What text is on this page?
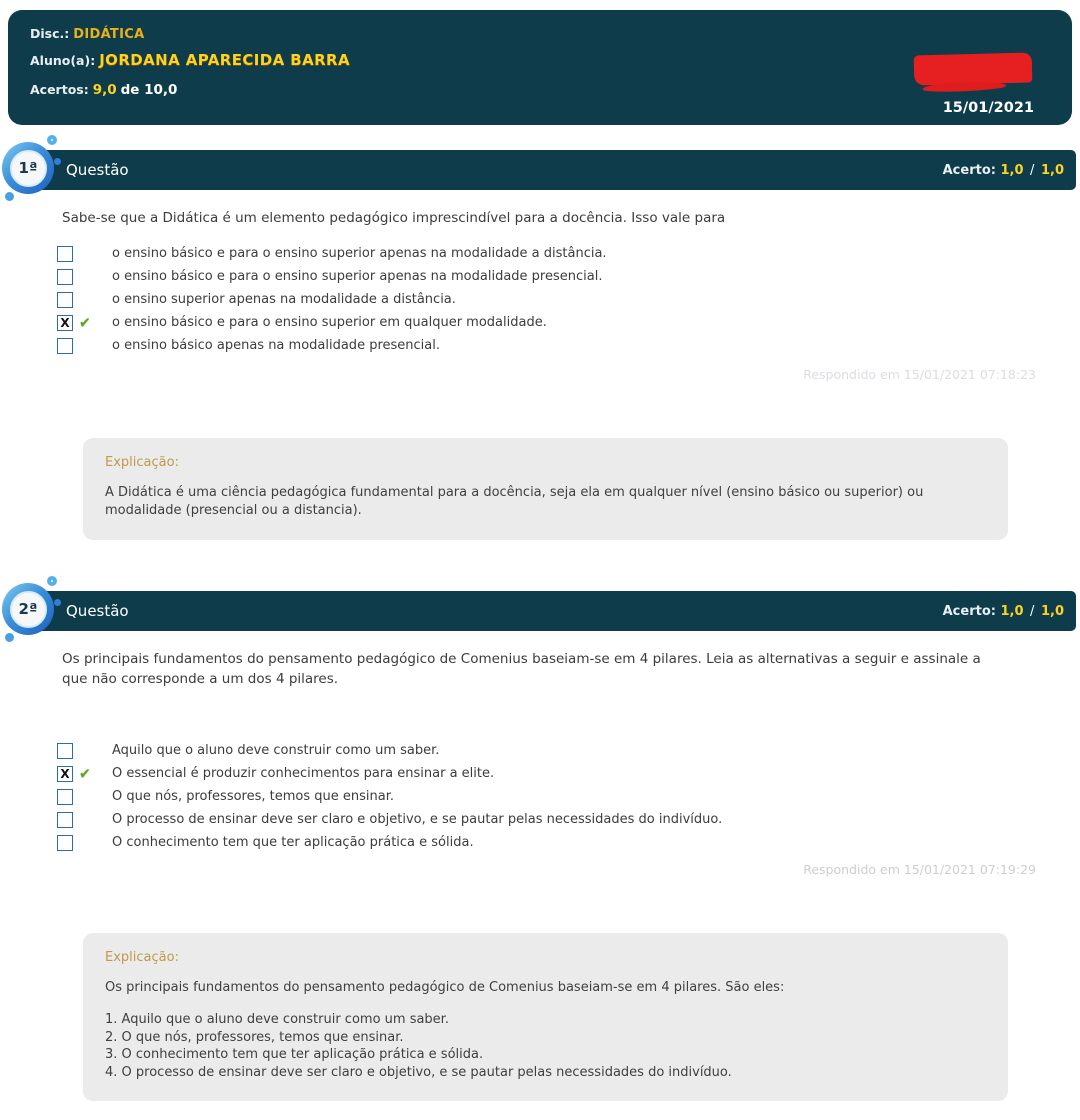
Disc.: DIDÁTICA
Aluno(a): JORDANA APARECIDA BARRA
Acertos: 9,0 de 10,0
15/01/2021
1ª	Questão	Acerto: 1,0 / 1,0

Sabe-se que a Didática é um elemento pedagógico imprescindível para a docência. Isso vale para

o ensino básico e para o ensino superior apenas na modalidade a distância.
o ensino básico e para o ensino superior apenas na modalidade presencial.
o ensino superior apenas na modalidade a distância.
X ✔	o ensino básico e para o ensino superior em qualquer modalidade.
o ensino básico apenas na modalidade presencial.
Respondido em 15/01/2021 07:18:23
Explicação:

A Didática é uma ciência pedagógica fundamental para a docência, seja ela em qualquer nível (ensino básico ou superior) ou modalidade (presencial ou a distancia).

2ª	Questão	Acerto: 1,0 / 1,0

Os principais fundamentos do pensamento pedagógico de Comenius baseiam-se em 4 pilares. Leia as alternativas a seguir e assinale a que não corresponde a um dos 4 pilares.

Aquilo que o aluno deve construir como um saber.
X ✔	O essencial é produzir conhecimentos para ensinar a elite.
O que nós, professores, temos que ensinar.
O processo de ensinar deve ser claro e objetivo, e se pautar pelas necessidades do indivíduo.
O conhecimento tem que ter aplicação prática e sólida.
Respondido em 15/01/2021 07:19:29
Explicação:

Os principais fundamentos do pensamento pedagógico de Comenius baseiam-se em 4 pilares. São eles:

1. Aquilo que o aluno deve construir como um saber.
2. O que nós, professores, temos que ensinar.
3. O conhecimento tem que ter aplicação prática e sólida.
4. O processo de ensinar deve ser claro e objetivo, e se pautar pelas necessidades do indivíduo.
